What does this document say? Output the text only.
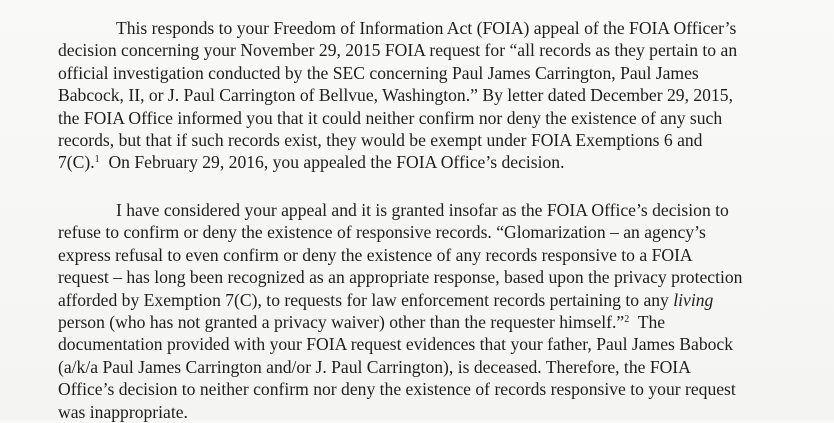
This responds to your Freedom of Information Act (FOIA) appeal of the FOIA Officer’s
decision concerning your November 29, 2015 FOIA request for “all records as they pertain to an
official investigation conducted by the SEC concerning Paul James Carrington, Paul James
Babcock, II, or J. Paul Carrington of Bellvue, Washington.” By letter dated December 29, 2015,
the FOIA Office informed you that it could neither confirm nor deny the existence of any such
records, but that if such records exist, they would be exempt under FOIA Exemptions 6 and
7(C).$^1$  On February 29, 2016, you appealed the FOIA Office’s decision.
I have considered your appeal and it is granted insofar as the FOIA Office’s decision to
refuse to confirm or deny the existence of responsive records. “Glomarization – an agency’s
express refusal to even confirm or deny the existence of any records responsive to a FOIA
request – has long been recognized as an appropriate response, based upon the privacy protection
afforded by Exemption 7(C), to requests for law enforcement records pertaining to any living
person (who has not granted a privacy waiver) other than the requester himself.”$^2$  The
documentation provided with your FOIA request evidences that your father, Paul James Babock
(a/k/a Paul James Carrington and/or J. Paul Carrington), is deceased. Therefore, the FOIA
Office’s decision to neither confirm nor deny the existence of records responsive to your request
was inappropriate.
